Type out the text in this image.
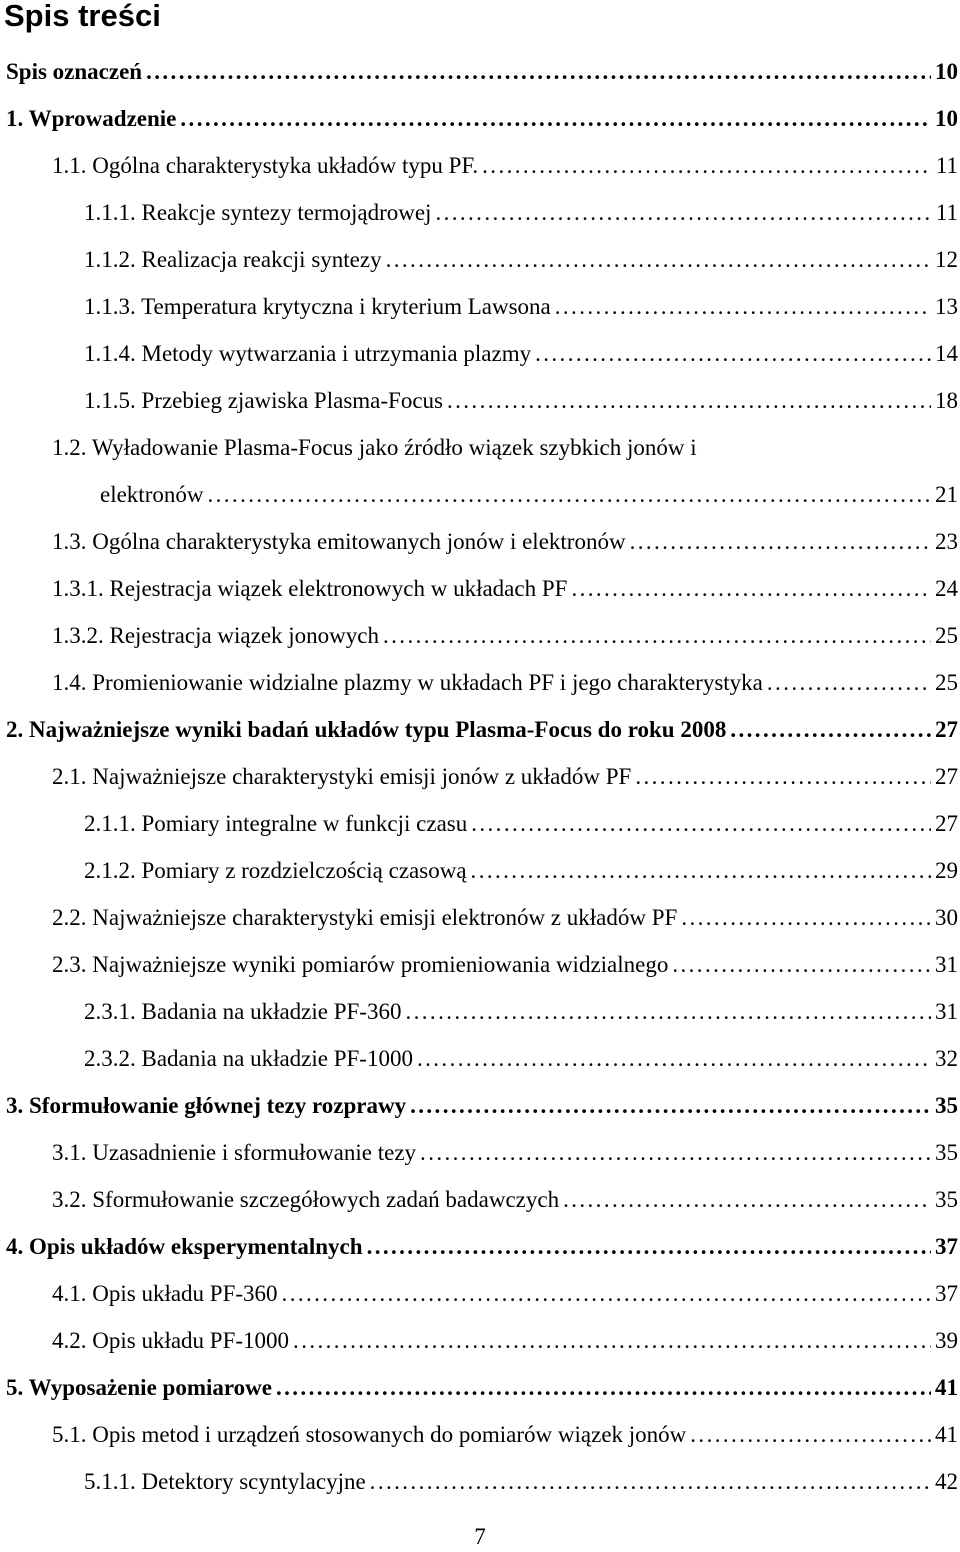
Spis treści
Spis oznaczeń .....	10
1. Wprowadzenie .....	10
1.1. Ogólna charakterystyka układów typu PF. .....	11
1.1.1. Reakcje syntezy termojądrowej .....	11
1.1.2. Realizacja reakcji syntezy .....	12
1.1.3. Temperatura krytyczna i kryterium Lawsona .....	13
1.1.4. Metody wytwarzania i utrzymania plazmy .....	14
1.1.5. Przebieg zjawiska Plasma-Focus .....	18
1.2. Wyładowanie Plasma-Focus jako źródło wiązek szybkich jonów i
elektronów .....	21
1.3. Ogólna charakterystyka emitowanych jonów i elektronów .....	23
1.3.1. Rejestracja wiązek elektronowych w układach PF .....	24
1.3.2. Rejestracja wiązek jonowych .....	25
1.4. Promieniowanie widzialne plazmy w układach PF i jego charakterystyka .....	25
2. Najważniejsze wyniki badań układów typu Plasma-Focus do roku 2008 .....	27
2.1. Najważniejsze charakterystyki emisji jonów z układów PF .....	27
2.1.1. Pomiary integralne w funkcji czasu .....	27
2.1.2. Pomiary z rozdzielczością czasową .....	29
2.2. Najważniejsze charakterystyki emisji elektronów z układów PF .....	30
2.3. Najważniejsze wyniki pomiarów promieniowania widzialnego .....	31
2.3.1. Badania na układzie PF-360 .....	31
2.3.2. Badania na układzie PF-1000 .....	32
3. Sformułowanie głównej tezy rozprawy .....	35
3.1. Uzasadnienie i sformułowanie tezy .....	35
3.2. Sformułowanie szczegółowych zadań badawczych .....	35
4. Opis układów eksperymentalnych .....	37
4.1. Opis układu PF-360 .....	37
4.2. Opis układu PF-1000 .....	39
5. Wyposażenie pomiarowe .....	41
5.1. Opis metod i urządzeń stosowanych do pomiarów wiązek jonów .....	41
5.1.1. Detektory scyntylacyjne .....	42
7
